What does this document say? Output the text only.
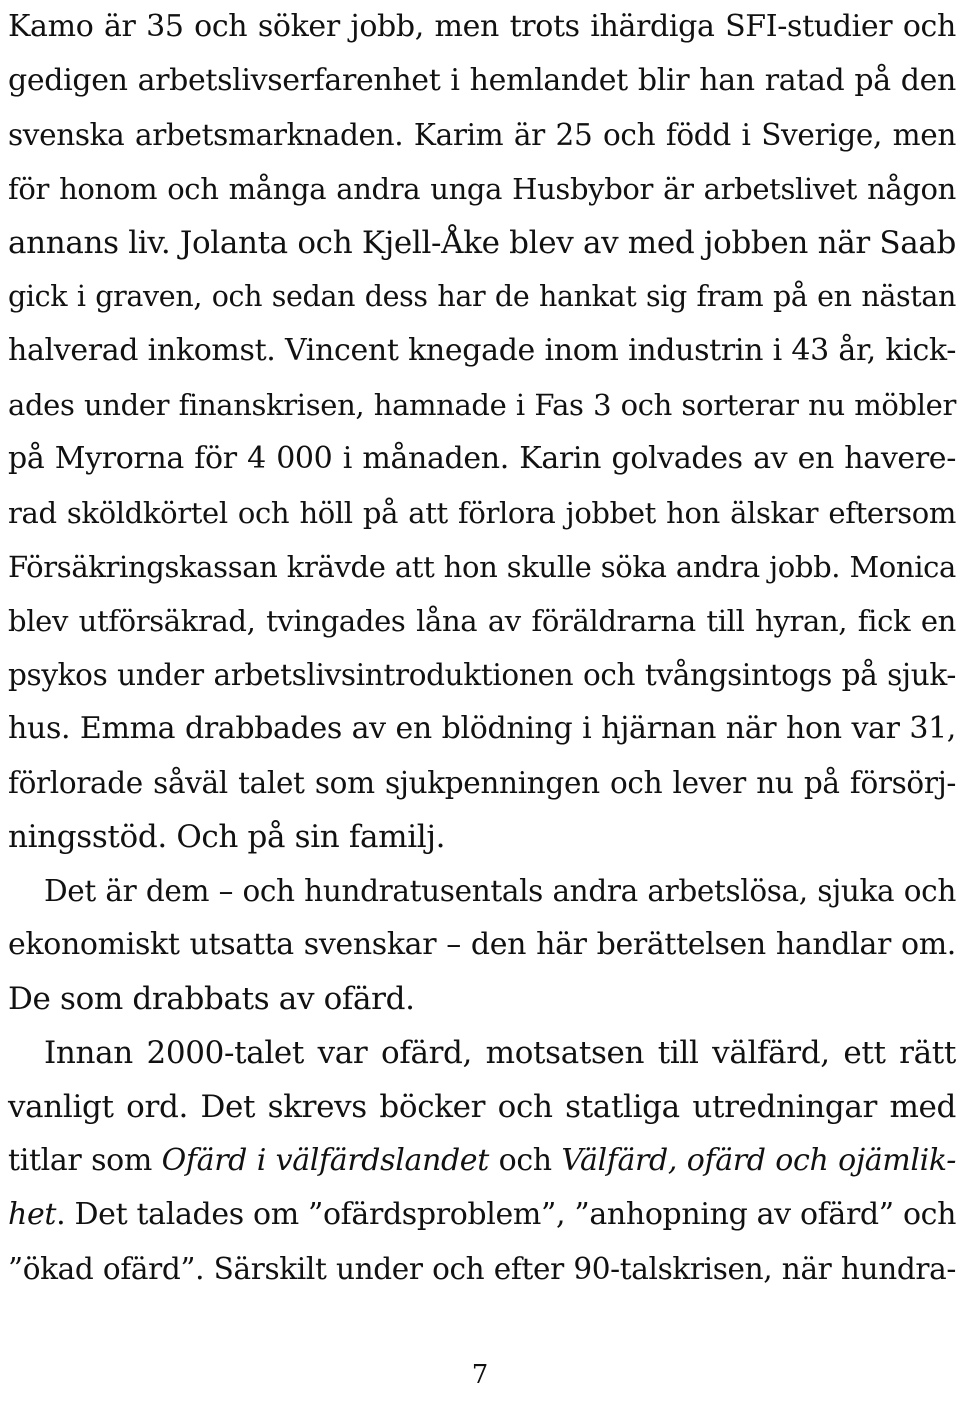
Kamo är 35 och söker jobb, men trots ihärdiga SFI-studier och
gedigen arbetslivserfarenhet i hemlandet blir han ratad på den
svenska arbetsmarknaden. Karim är 25 och född i Sverige, men
för honom och många andra unga Husbybor är arbetslivet någon
annans liv. Jolanta och Kjell-Åke blev av med jobben när Saab
gick i graven, och sedan dess har de hankat sig fram på en nästan
halverad inkomst. Vincent knegade inom industrin i 43 år, kick-
ades under finanskrisen, hamnade i Fas 3 och sorterar nu möbler
på Myrorna för 4 000 i månaden. Karin golvades av en havere-
rad sköldkörtel och höll på att förlora jobbet hon älskar eftersom
Försäkringskassan krävde att hon skulle söka andra jobb. Monica
blev utförsäkrad, tvingades låna av föräldrarna till hyran, fick en
psykos under arbetslivsintroduktionen och tvångsintogs på sjuk-
hus. Emma drabbades av en blödning i hjärnan när hon var 31,
förlorade såväl talet som sjukpenningen och lever nu på försörj-
ningsstöd. Och på sin familj.
Det är dem – och hundratusentals andra arbetslösa, sjuka och
ekonomiskt utsatta svenskar – den här berättelsen handlar om.
De som drabbats av ofärd.
Innan 2000-talet var ofärd, motsatsen till välfärd, ett rätt
vanligt ord. Det skrevs böcker och statliga utredningar med
titlar som Ofärd i välfärdslandet och Välfärd, ofärd och ojämlik-
het. Det talades om ”ofärdsproblem”, ”anhopning av ofärd” och
”ökad ofärd”. Särskilt under och efter 90-talskrisen, när hundra-
7
